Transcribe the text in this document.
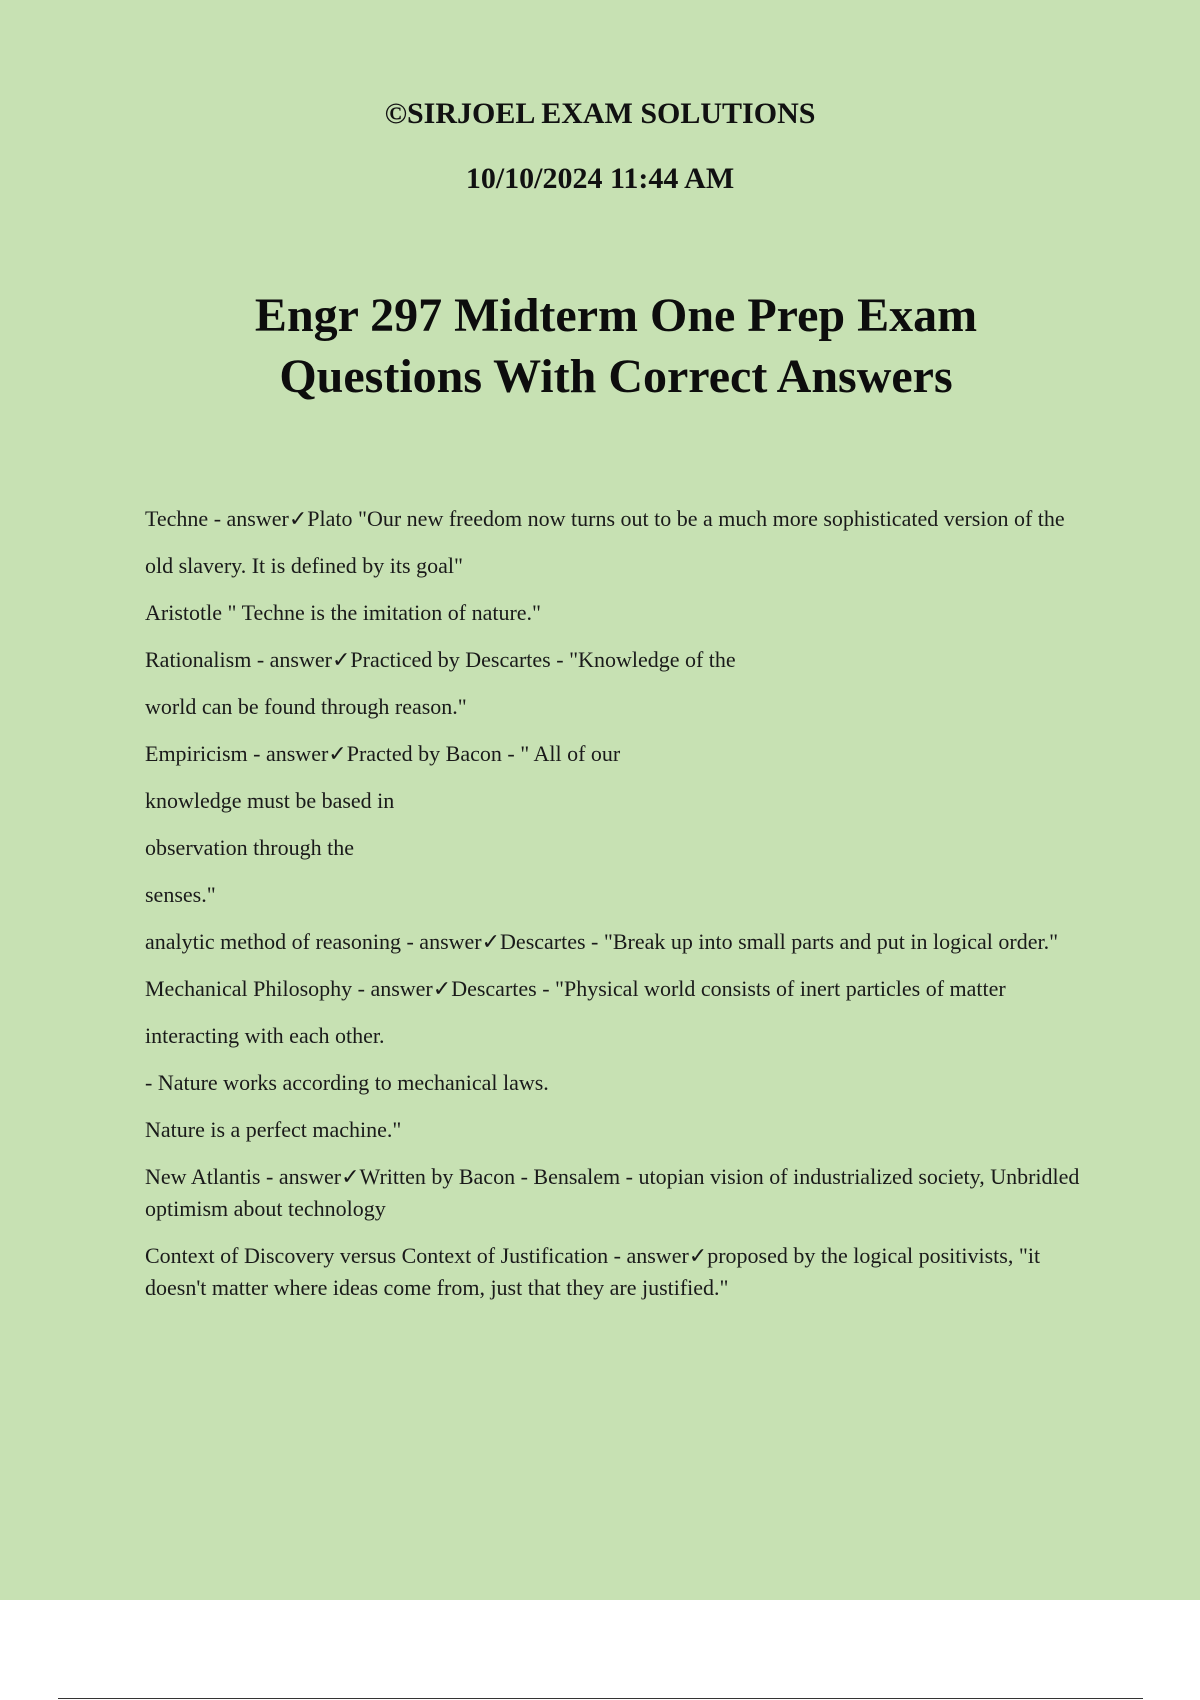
©SIRJOEL EXAM SOLUTIONS
10/10/2024 11:44 AM
Engr 297 Midterm One Prep Exam
Questions With Correct Answers

Techne - answer✓Plato "Our new freedom now turns out to be a much more sophisticated version of the

old slavery. It is defined by its goal"

Aristotle " Techne is the imitation of nature."

Rationalism - answer✓Practiced by Descartes - "Knowledge of the

world can be found through reason."

Empiricism - answer✓Practed by Bacon - " All of our

knowledge must be based in

observation through the

senses."

analytic method of reasoning - answer✓Descartes - "Break up into small parts and put in logical order."

Mechanical Philosophy - answer✓Descartes - "Physical world consists of inert particles of matter

interacting with each other.

- Nature works according to mechanical laws.

Nature is a perfect machine."

New Atlantis - answer✓Written by Bacon - Bensalem - utopian vision of industrialized society, Unbridled optimism about technology

Context of Discovery versus Context of Justification - answer✓proposed by the logical positivists, "it doesn't matter where ideas come from, just that they are justified."
